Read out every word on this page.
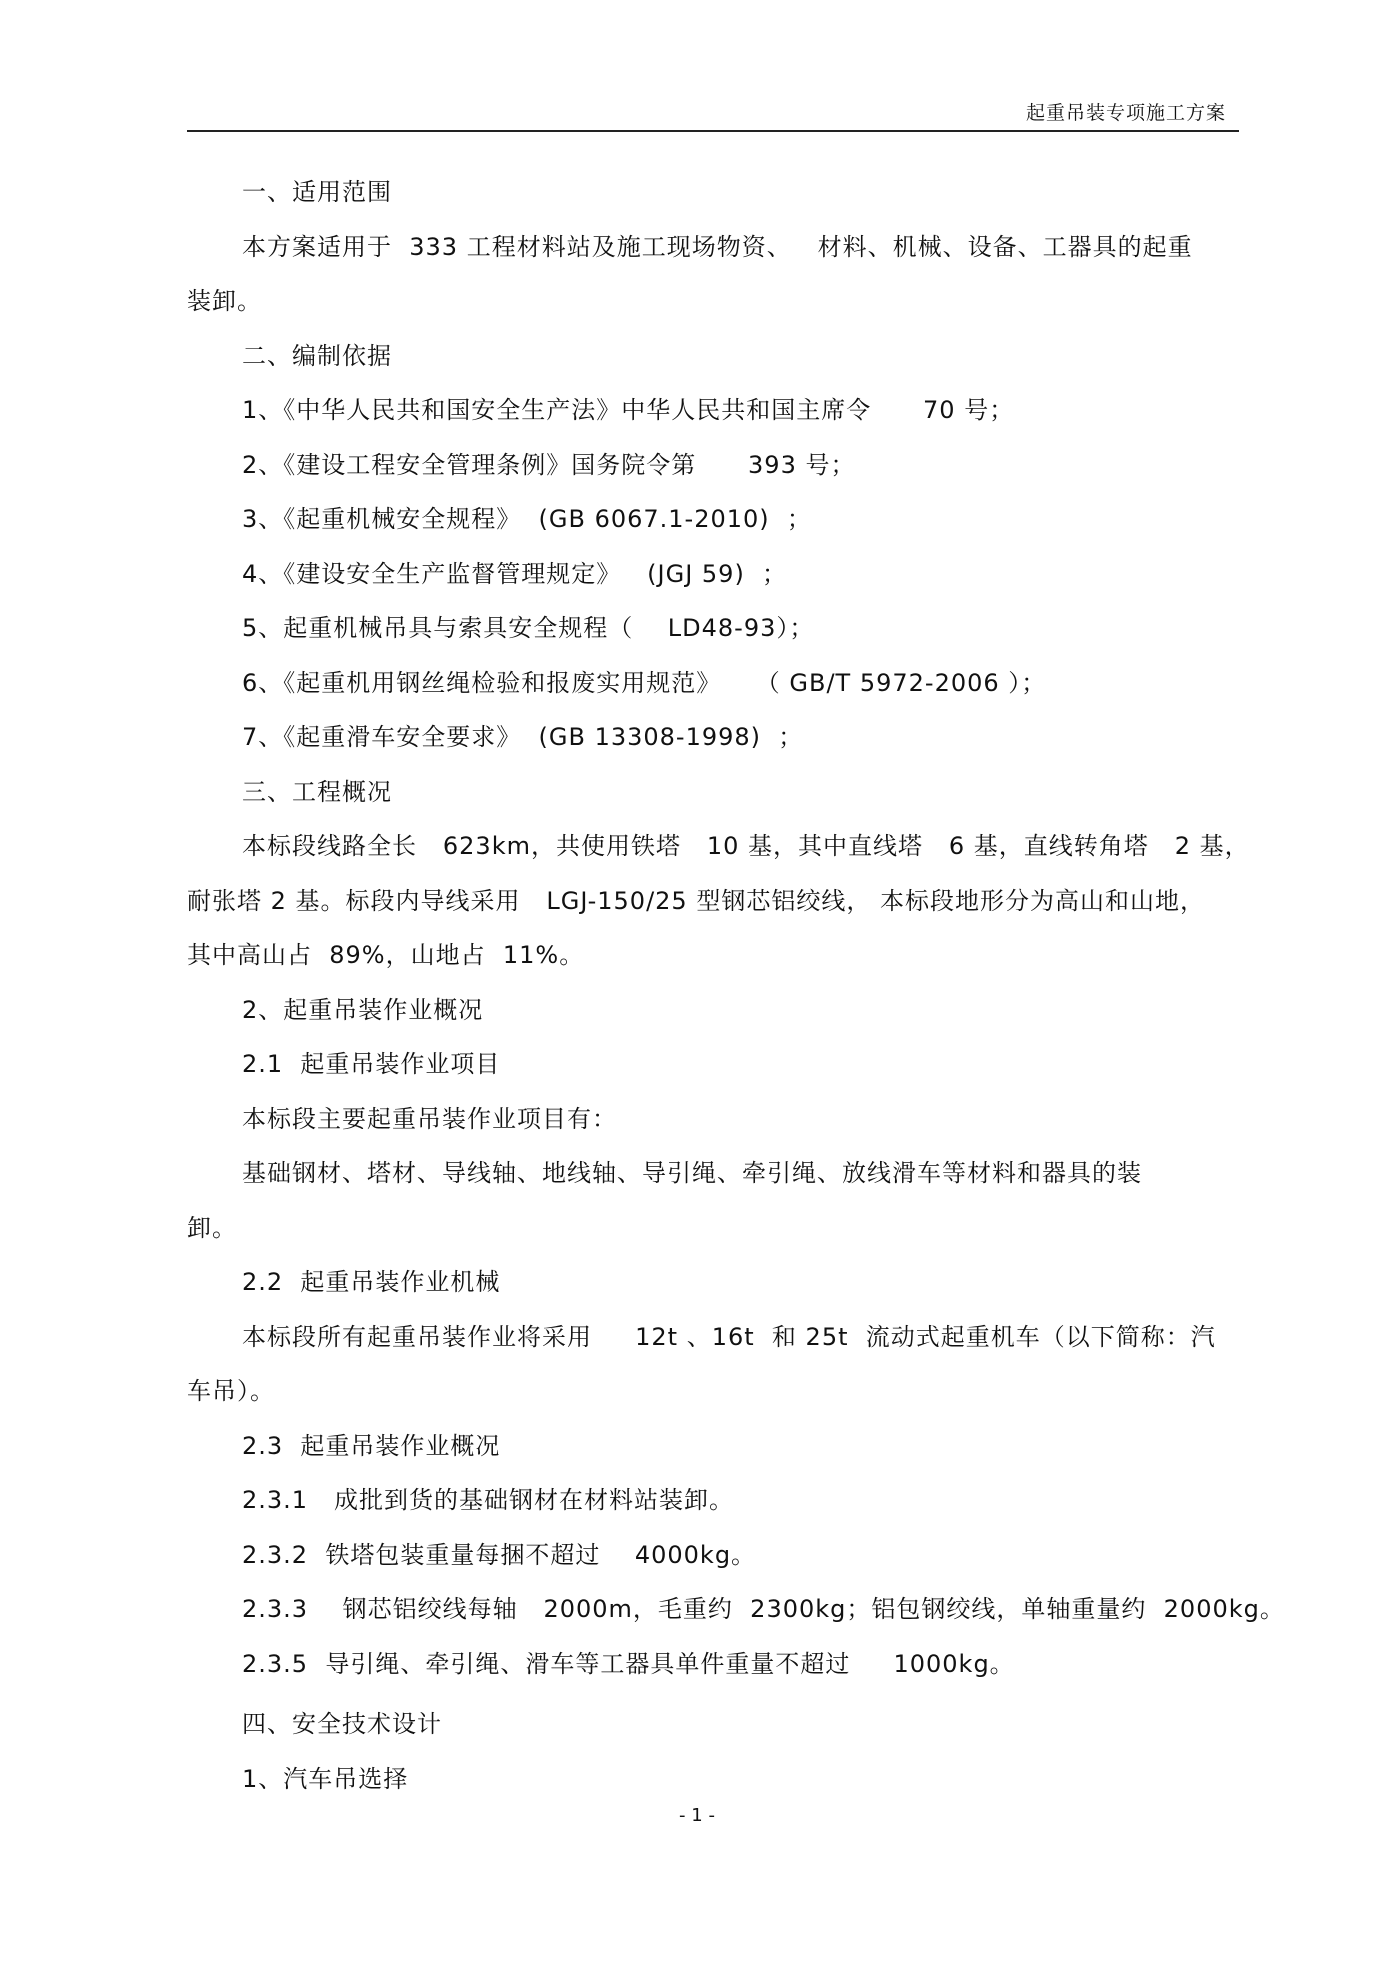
起重吊装专项施工方案
一、适用范围
本方案适用于  333 工程材料站及施工现场物资、   材料、机械、设备、工器具的起重
装卸。
二、编制依据
1、《中华人民共和国安全生产法》中华人民共和国主席令      70 号；
2、《建设工程安全管理条例》国务院令第      393 号；
3、《起重机械安全规程》  (GB 6067.1-2010)  ；
4、《建设安全生产监督管理规定》   (JGJ 59)  ；
5、起重机械吊具与索具安全规程（    LD48-93）；
6、《起重机用钢丝绳检验和报废实用规范》    （ GB/T 5972-2006 ）；
7、《起重滑车安全要求》  (GB 13308-1998)  ；
三、工程概况
本标段线路全长   623km，共使用铁塔   10 基，其中直线塔   6 基，直线转角塔   2 基，
耐张塔 2 基。标段内导线采用   LGJ-150/25 型钢芯铝绞线， 本标段地形分为高山和山地，
其中高山占  89%，山地占  11%。
2、起重吊装作业概况
2.1  起重吊装作业项目
本标段主要起重吊装作业项目有：
基础钢材、塔材、导线轴、地线轴、导引绳、牵引绳、放线滑车等材料和器具的装
卸。
2.2  起重吊装作业机械
本标段所有起重吊装作业将采用     12t 、16t  和 25t  流动式起重机车（以下简称：汽
车吊）。
2.3  起重吊装作业概况
2.3.1   成批到货的基础钢材在材料站装卸。
2.3.2  铁塔包装重量每捆不超过    4000kg。
2.3.3    钢芯铝绞线每轴   2000m，毛重约  2300kg；铝包钢绞线，单轴重量约  2000kg。
2.3.5  导引绳、牵引绳、滑车等工器具单件重量不超过     1000kg。
四、安全技术设计
1、汽车吊选择
- 1 -
